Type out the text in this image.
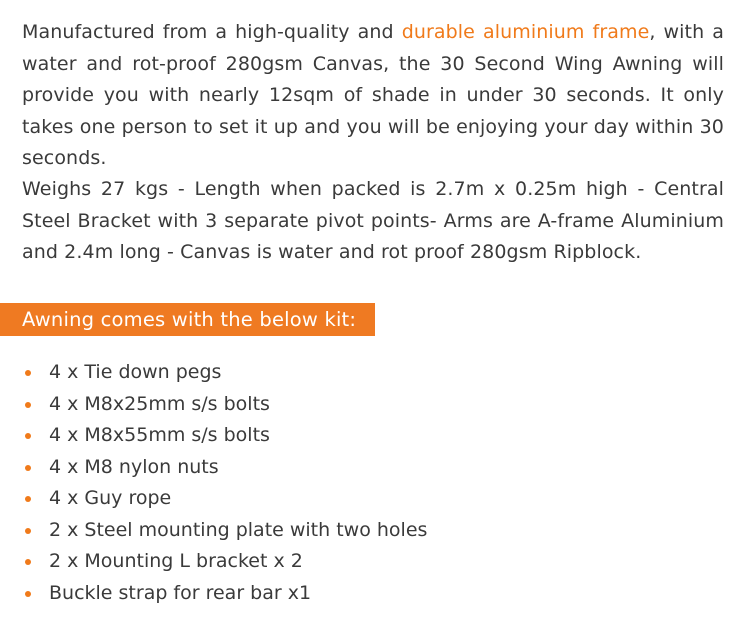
Manufactured from a high-quality and durable aluminium frame, with a water and rot-proof 280gsm Canvas, the 30 Second Wing Awning will provide you with nearly 12sqm of shade in under 30 seconds. It only takes one person to set it up and you will be enjoying your day within 30 seconds.

Weighs 27 kgs - Length when packed is 2.7m x 0.25m high - Central Steel Bracket with 3 separate pivot points- Arms are A-frame Aluminium and 2.4m long - Canvas is water and rot proof 280gsm Ripblock.

Awning comes with the below kit:
4 x Tie down pegs
4 x M8x25mm s/s bolts
4 x M8x55mm s/s bolts
4 x M8 nylon nuts
4 x Guy rope
2 x Steel mounting plate with two holes
2 x Mounting L bracket x 2
Buckle strap for rear bar x1
